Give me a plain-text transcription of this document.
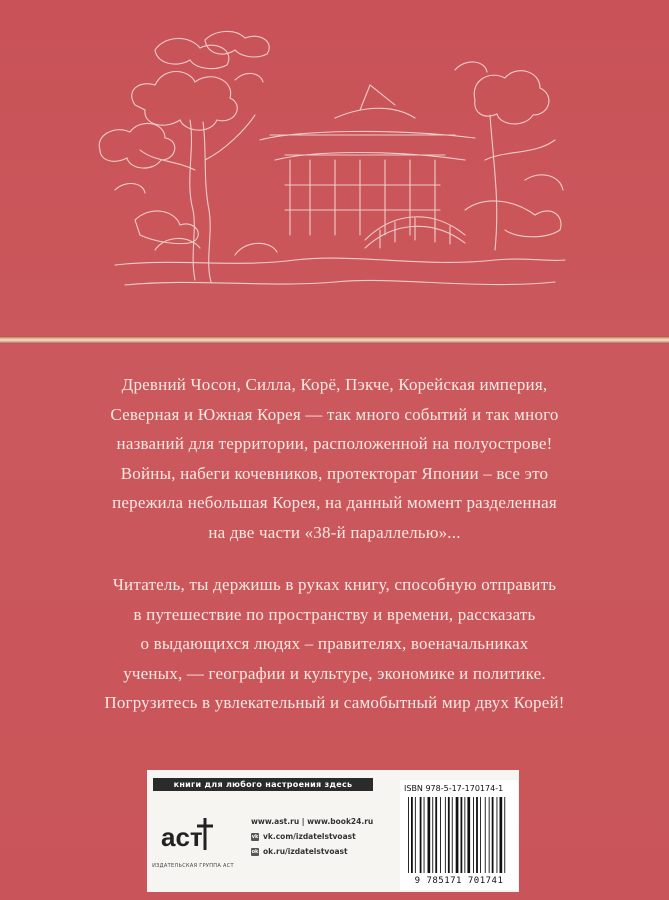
Древний Чосон, Силла, Корё, Пэкче, Корейская империя,

Северная и Южная Корея — так много событий и так много

названий для территории, расположенной на полуострове!

Войны, набеги кочевников, протекторат Японии – все это

пережила небольшая Корея, на данный момент разделенная

на две части «38-й параллелью»...

Читатель, ты держишь в руках книгу, способную отправить

в путешествие по пространству и времени, рассказать

о выдающихся людях – правителях, военачальниках

ученых, — географии и культуре, экономике и политике.

Погрузитесь в увлекательный и самобытный мир двух Корей!

книги для любого настроения здесь
аст
ИЗДАТЕЛЬСКАЯ ГРУППА АСТ
www.ast.ru | www.book24.ru
vk vk.com/izdatelstvoast
ok ok.ru/izdatelstvoast
ISBN 978-5-17-170174-1
9 785171 701741
